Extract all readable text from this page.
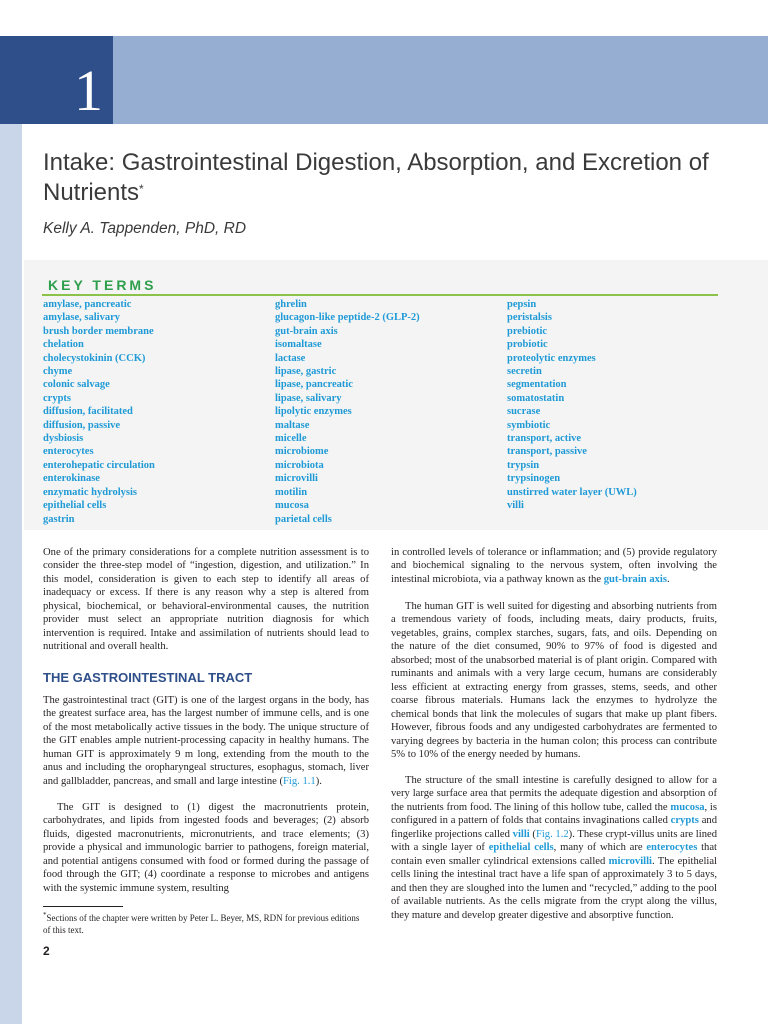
1
Intake: Gastrointestinal Digestion, Absorption, and Excretion of Nutrients*
Kelly A. Tappenden, PhD, RD
KEY TERMS
amylase, pancreatic
amylase, salivary
brush border membrane
chelation
cholecystokinin (CCK)
chyme
colonic salvage
crypts
diffusion, facilitated
diffusion, passive
dysbiosis
enterocytes
enterohepatic circulation
enterokinase
enzymatic hydrolysis
epithelial cells
gastrin
ghrelin
glucagon-like peptide-2 (GLP-2)
gut-brain axis
isomaltase
lactase
lipase, gastric
lipase, pancreatic
lipase, salivary
lipolytic enzymes
maltase
micelle
microbiome
microbiota
microvilli
motilin
mucosa
parietal cells
pepsin
peristalsis
prebiotic
probiotic
proteolytic enzymes
secretin
segmentation
somatostatin
sucrase
symbiotic
transport, active
transport, passive
trypsin
trypsinogen
unstirred water layer (UWL)
villi

One of the primary considerations for a complete nutrition assessment is to consider the three-step model of “ingestion, digestion, and utilization.” In this model, consideration is given to each step to identify all areas of inadequacy or excess. If there is any reason why a step is altered from physical, biochemical, or behavioral-environmental causes, the nutrition provider must select an appropriate nutrition diagnosis for which intervention is required. Intake and assimilation of nutrients should lead to nutritional and overall health.

THE GASTROINTESTINAL TRACT

The gastrointestinal tract (GIT) is one of the largest organs in the body, has the greatest surface area, has the largest number of immune cells, and is one of the most metabolically active tissues in the body. The unique structure of the GIT enables ample nutrient-processing capacity in healthy humans. The human GIT is approximately 9 m long, extending from the mouth to the anus and including the oropharyngeal structures, esophagus, stomach, liver and gallbladder, pancreas, and small and large intestine (Fig. 1.1).

The GIT is designed to (1) digest the macronutrients protein, carbohydrates, and lipids from ingested foods and beverages; (2) absorb fluids, digested macronutrients, micronutrients, and trace elements; (3) provide a physical and immunologic barrier to pathogens, foreign material, and potential antigens consumed with food or formed during the passage of food through the GIT; (4) coordinate a response to microbes and antigens with the systemic immune system, resulting

*Sections of the chapter were written by Peter L. Beyer, MS, RDN for previous editions of this text.

2

in controlled levels of tolerance or inflammation; and (5) provide regulatory and biochemical signaling to the nervous system, often involving the intestinal microbiota, via a pathway known as the gut-brain axis.

The human GIT is well suited for digesting and absorbing nutrients from a tremendous variety of foods, including meats, dairy products, fruits, vegetables, grains, complex starches, sugars, fats, and oils. Depending on the nature of the diet consumed, 90% to 97% of food is digested and absorbed; most of the unabsorbed material is of plant origin. Compared with ruminants and animals with a very large cecum, humans are considerably less efficient at extracting energy from grasses, stems, seeds, and other coarse fibrous materials. Humans lack the enzymes to hydrolyze the chemical bonds that link the molecules of sugars that make up plant fibers. However, fibrous foods and any undigested carbohydrates are fermented to varying degrees by bacteria in the human colon; this process can contribute 5% to 10% of the energy needed by humans.

The structure of the small intestine is carefully designed to allow for a very large surface area that permits the adequate digestion and absorption of the nutrients from food. The lining of this hollow tube, called the mucosa, is configured in a pattern of folds that contains invaginations called crypts and fingerlike projections called villi (Fig. 1.2). These crypt-villus units are lined with a single layer of epithelial cells, many of which are enterocytes that contain even smaller cylindrical extensions called microvilli. The epithelial cells lining the intestinal tract have a life span of approximately 3 to 5 days, and then they are sloughed into the lumen and “recycled,” adding to the pool of available nutrients. As the cells migrate from the crypt along the villus, they mature and develop greater digestive and absorptive function.
